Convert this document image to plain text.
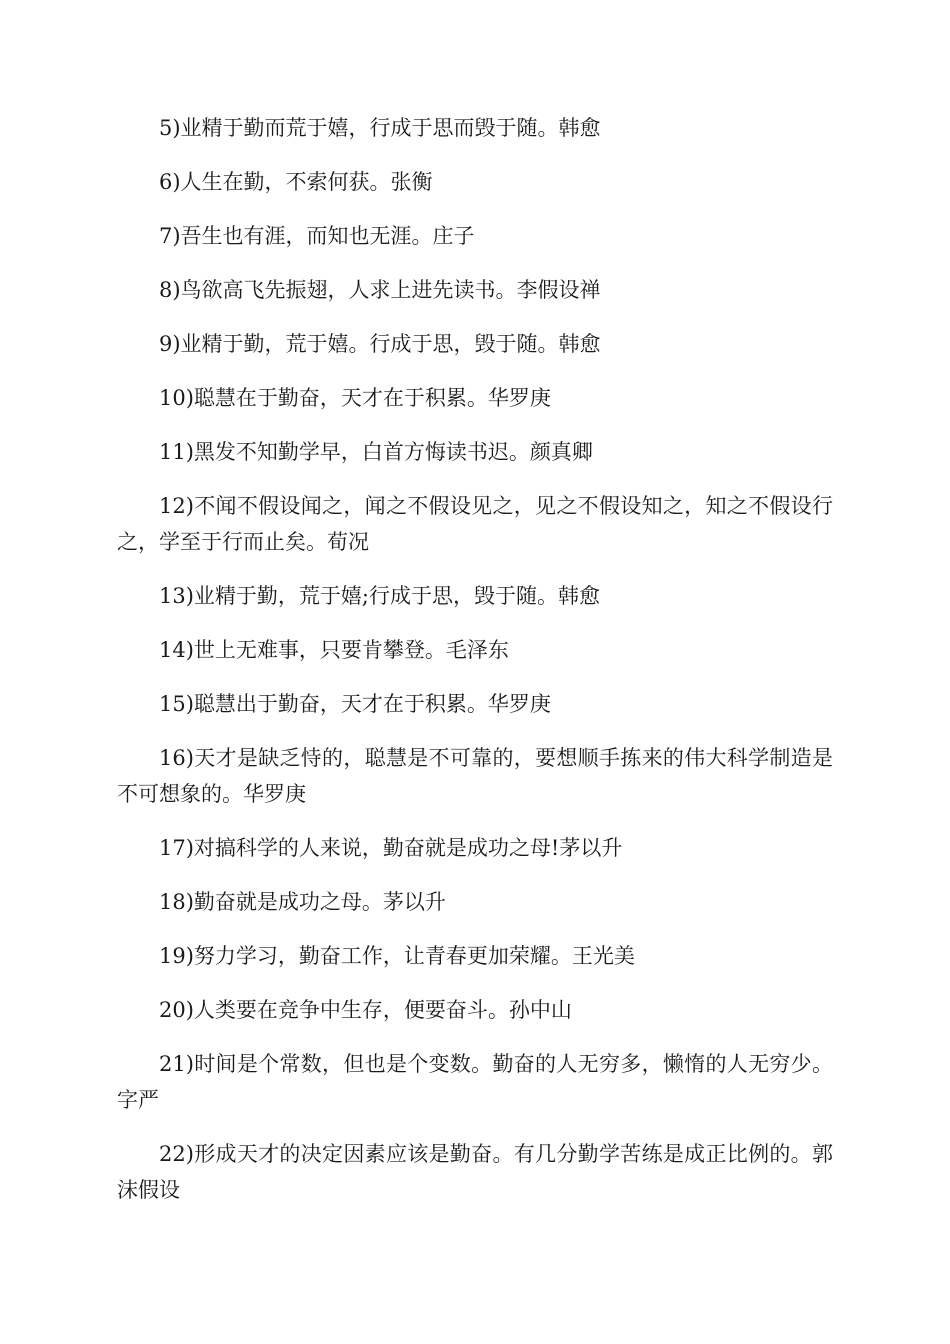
5)业精于勤而荒于嬉，行成于思而毁于随。韩愈

6)人生在勤，不索何获。张衡

7)吾生也有涯，而知也无涯。庄子

8)鸟欲高飞先振翅，人求上进先读书。李假设禅

9)业精于勤，荒于嬉。行成于思，毁于随。韩愈

10)聪慧在于勤奋，天才在于积累。华罗庚

11)黑发不知勤学早，白首方悔读书迟。颜真卿

12)不闻不假设闻之，闻之不假设见之，见之不假设知之，知之不假设行之，学至于行而止矣。荀况

13)业精于勤，荒于嬉;行成于思，毁于随。韩愈

14)世上无难事，只要肯攀登。毛泽东

15)聪慧出于勤奋，天才在于积累。华罗庚

16)天才是缺乏恃的，聪慧是不可靠的，要想顺手拣来的伟大科学制造是不可想象的。华罗庚

17)对搞科学的人来说，勤奋就是成功之母!茅以升

18)勤奋就是成功之母。茅以升

19)努力学习，勤奋工作，让青春更加荣耀。王光美

20)人类要在竞争中生存，便要奋斗。孙中山

21)时间是个常数，但也是个变数。勤奋的人无穷多，懒惰的人无穷少。字严

22)形成天才的决定因素应该是勤奋。有几分勤学苦练是成正比例的。郭沫假设
